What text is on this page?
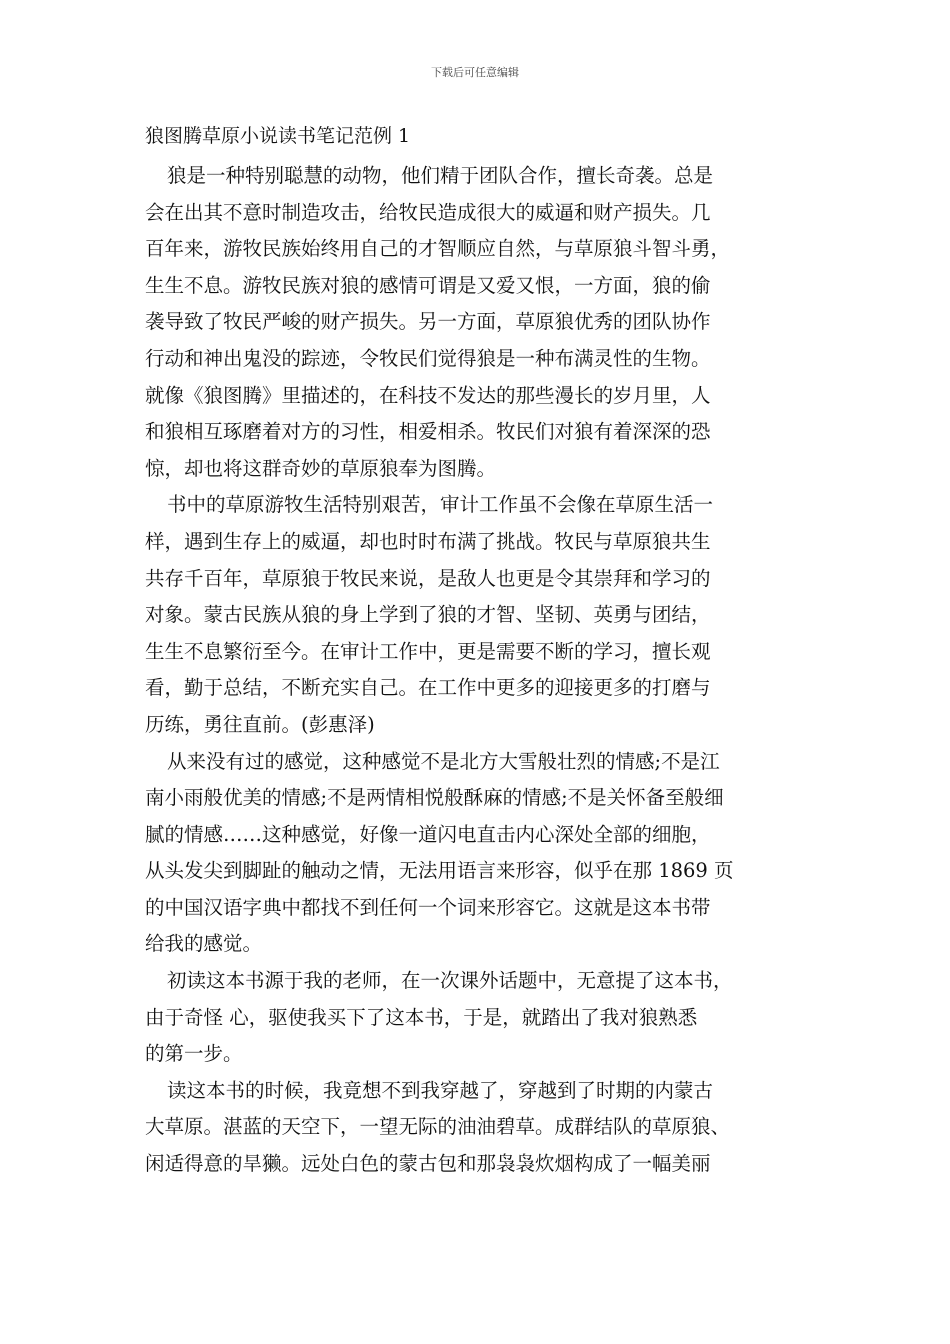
下载后可任意编辑
狼图腾草原小说读书笔记范例 1
狼是一种特别聪慧的动物，他们精于团队合作，擅长奇袭。总是
会在出其不意时制造攻击，给牧民造成很大的威逼和财产损失。几
百年来，游牧民族始终用自己的才智顺应自然，与草原狼斗智斗勇，
生生不息。游牧民族对狼的感情可谓是又爱又恨，一方面，狼的偷
袭导致了牧民严峻的财产损失。另一方面，草原狼优秀的团队协作
行动和神出鬼没的踪迹，令牧民们觉得狼是一种布满灵性的生物。
就像《狼图腾》里描述的，在科技不发达的那些漫长的岁月里，人
和狼相互琢磨着对方的习性，相爱相杀。牧民们对狼有着深深的恐
惊，却也将这群奇妙的草原狼奉为图腾。
书中的草原游牧生活特别艰苦，审计工作虽不会像在草原生活一
样，遇到生存上的威逼，却也时时布满了挑战。牧民与草原狼共生
共存千百年，草原狼于牧民来说，是敌人也更是令其崇拜和学习的
对象。蒙古民族从狼的身上学到了狼的才智、坚韧、英勇与团结，
生生不息繁衍至今。在审计工作中，更是需要不断的学习，擅长观
看，勤于总结，不断充实自己。在工作中更多的迎接更多的打磨与
历练，勇往直前。(彭惠泽)
从来没有过的感觉，这种感觉不是北方大雪般壮烈的情感;不是江
南小雨般优美的情感;不是两情相悦般酥麻的情感;不是关怀备至般细
腻的情感……这种感觉，好像一道闪电直击内心深处全部的细胞，
从头发尖到脚趾的触动之情，无法用语言来形容，似乎在那 1869 页
的中国汉语字典中都找不到任何一个词来形容它。这就是这本书带
给我的感觉。
初读这本书源于我的老师，在一次课外话题中，无意提了这本书，
由于奇怪 心，驱使我买下了这本书，于是，就踏出了我对狼熟悉
的第一步。
读这本书的时候，我竟想不到我穿越了，穿越到了时期的内蒙古
大草原。湛蓝的天空下，一望无际的油油碧草。成群结队的草原狼、
闲适得意的旱獭。远处白色的蒙古包和那袅袅炊烟构成了一幅美丽
